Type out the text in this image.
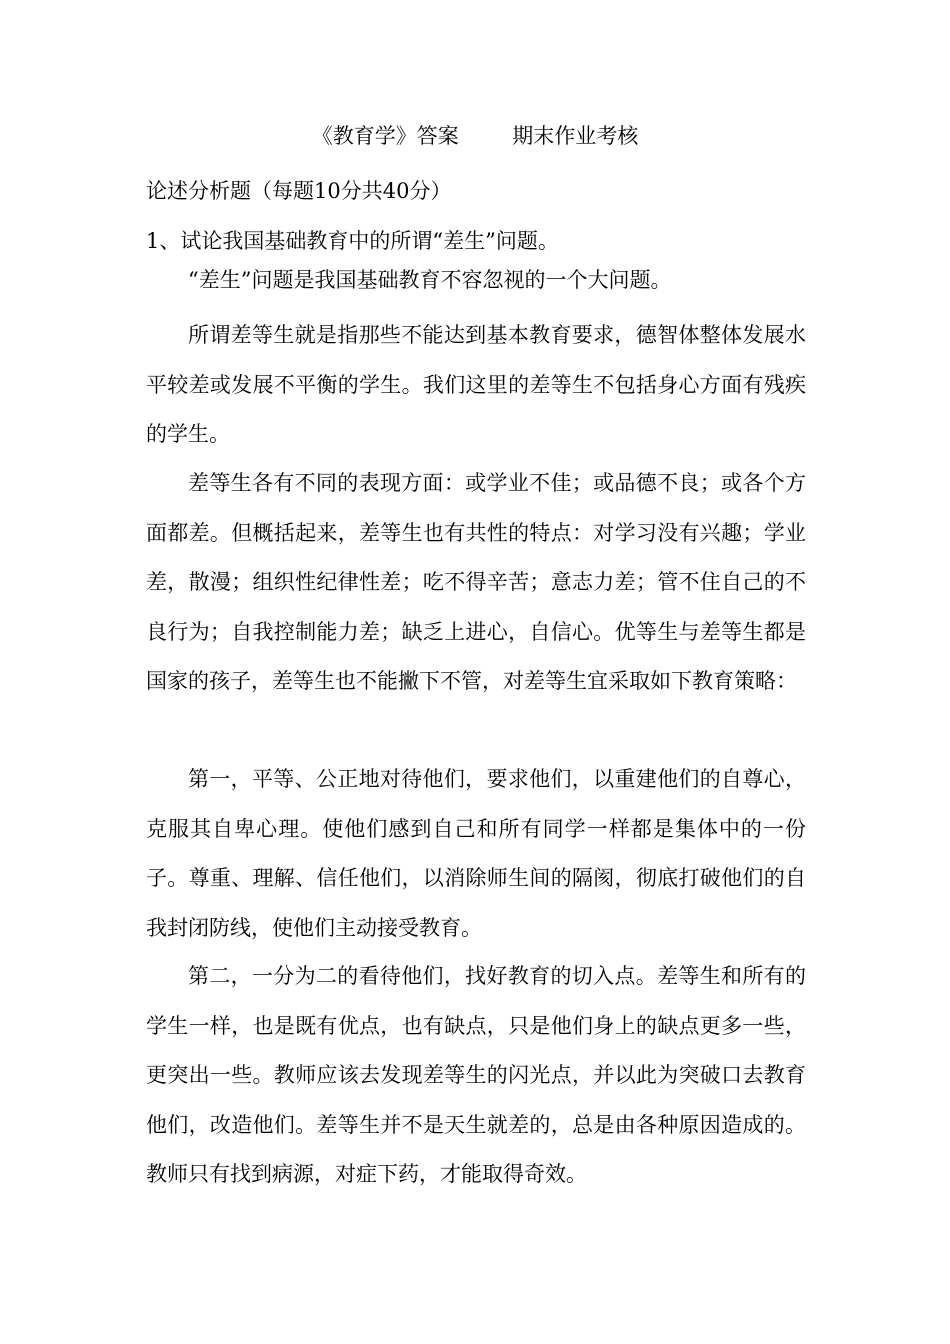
《教育学》答案        期末作业考核
论述分析题（每题10分共40分）
1、试论我国基础教育中的所谓“差生”问题。

“差生”问题是我国基础教育不容忽视的一个大问题。

所谓差等生就是指那些不能达到基本教育要求，德智体整体发展水平较差或发展不平衡的学生。我们这里的差等生不包括身心方面有残疾的学生。

差等生各有不同的表现方面：或学业不佳；或品德不良；或各个方面都差。但概括起来，差等生也有共性的特点：对学习没有兴趣；学业差，散漫；组织性纪律性差；吃不得辛苦；意志力差；管不住自己的不良行为；自我控制能力差；缺乏上进心，自信心。优等生与差等生都是国家的孩子，差等生也不能撇下不管，对差等生宜采取如下教育策略：

第一，平等、公正地对待他们，要求他们，以重建他们的自尊心，克服其自卑心理。使他们感到自己和所有同学一样都是集体中的一份子。尊重、理解、信任他们，以消除师生间的隔阂，彻底打破他们的自我封闭防线，使他们主动接受教育。

第二，一分为二的看待他们，找好教育的切入点。差等生和所有的学生一样，也是既有优点，也有缺点，只是他们身上的缺点更多一些，更突出一些。教师应该去发现差等生的闪光点，并以此为突破口去教育他们，改造他们。差等生并不是天生就差的，总是由各种原因造成的。教师只有找到病源，对症下药，才能取得奇效。
